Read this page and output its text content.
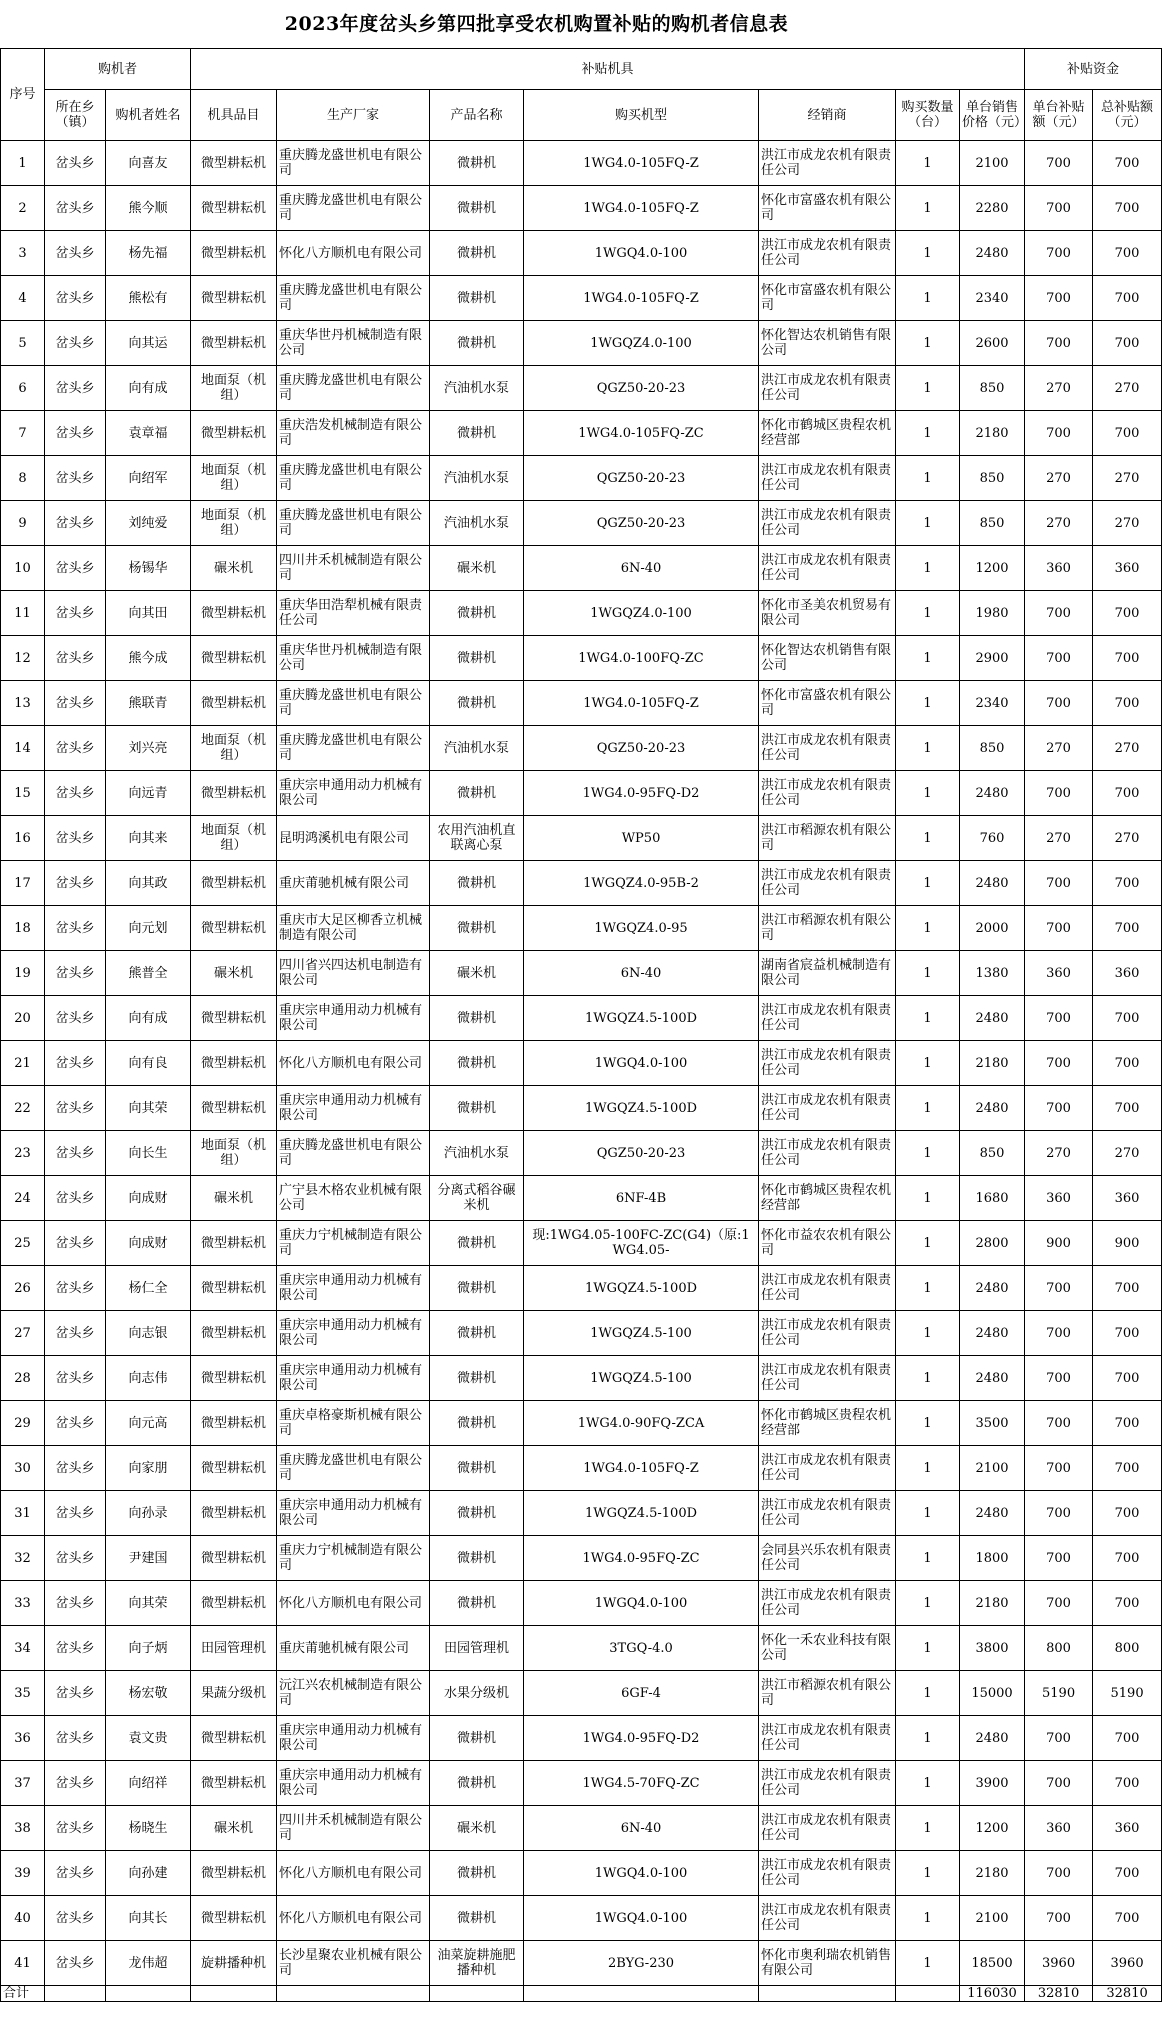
2023年度岔头乡第四批享受农机购置补贴的购机者信息表
序号	购机者		补贴机具							补贴资金	
	所在乡（镇）	购机者姓名	机具品目	生产厂家	产品名称	购买机型	经销商	购买数量（台）	单台销售价格（元）	单台补贴额（元）	总补贴额（元）

1	岔头乡	向喜友	微型耕耘机	重庆腾龙盛世机电有限公司	微耕机	1WG4.0-105FQ-Z	洪江市成龙农机有限责任公司	1	2100	700	700

2	岔头乡	熊今顺	微型耕耘机	重庆腾龙盛世机电有限公司	微耕机	1WG4.0-105FQ-Z	怀化市富盛农机有限公司	1	2280	700	700

3	岔头乡	杨先福	微型耕耘机	怀化八方顺机电有限公司	微耕机	1WGQ4.0-100	洪江市成龙农机有限责任公司	1	2480	700	700

4	岔头乡	熊松有	微型耕耘机	重庆腾龙盛世机电有限公司	微耕机	1WG4.0-105FQ-Z	怀化市富盛农机有限公司	1	2340	700	700

5	岔头乡	向其运	微型耕耘机	重庆华世丹机械制造有限公司	微耕机	1WGQZ4.0-100	怀化智达农机销售有限公司	1	2600	700	700

6	岔头乡	向有成	地面泵（机组）	重庆腾龙盛世机电有限公司	汽油机水泵	QGZ50-20-23	洪江市成龙农机有限责任公司	1	850	270	270

7	岔头乡	袁章福	微型耕耘机	重庆浩发机械制造有限公司	微耕机	1WG4.0-105FQ-ZC	怀化市鹤城区贵程农机经营部	1	2180	700	700

8	岔头乡	向绍军	地面泵（机组）	重庆腾龙盛世机电有限公司	汽油机水泵	QGZ50-20-23	洪江市成龙农机有限责任公司	1	850	270	270

9	岔头乡	刘纯爱	地面泵（机组）	重庆腾龙盛世机电有限公司	汽油机水泵	QGZ50-20-23	洪江市成龙农机有限责任公司	1	850	270	270

10	岔头乡	杨锡华	碾米机	四川井禾机械制造有限公司	碾米机	6N-40	洪江市成龙农机有限责任公司	1	1200	360	360

11	岔头乡	向其田	微型耕耘机	重庆华田浩犁机械有限责任公司	微耕机	1WGQZ4.0-100	怀化市圣美农机贸易有限公司	1	1980	700	700

12	岔头乡	熊今成	微型耕耘机	重庆华世丹机械制造有限公司	微耕机	1WG4.0-100FQ-ZC	怀化智达农机销售有限公司	1	2900	700	700

13	岔头乡	熊联青	微型耕耘机	重庆腾龙盛世机电有限公司	微耕机	1WG4.0-105FQ-Z	怀化市富盛农机有限公司	1	2340	700	700

14	岔头乡	刘兴亮	地面泵（机组）	重庆腾龙盛世机电有限公司	汽油机水泵	QGZ50-20-23	洪江市成龙农机有限责任公司	1	850	270	270

15	岔头乡	向远青	微型耕耘机	重庆宗申通用动力机械有限公司	微耕机	1WG4.0-95FQ-D2	洪江市成龙农机有限责任公司	1	2480	700	700

16	岔头乡	向其来	地面泵（机组）	昆明鸿溪机电有限公司	农用汽油机直联离心泵	WP50	洪江市稻源农机有限公司	1	760	270	270

17	岔头乡	向其政	微型耕耘机	重庆莆驰机械有限公司	微耕机	1WGQZ4.0-95B-2	洪江市成龙农机有限责任公司	1	2480	700	700

18	岔头乡	向元划	微型耕耘机	重庆市大足区柳香立机械制造有限公司	微耕机	1WGQZ4.0-95	洪江市稻源农机有限公司	1	2000	700	700

19	岔头乡	熊普全	碾米机	四川省兴四达机电制造有限公司	碾米机	6N-40	湖南省宸益机械制造有限公司	1	1380	360	360

20	岔头乡	向有成	微型耕耘机	重庆宗申通用动力机械有限公司	微耕机	1WGQZ4.5-100D	洪江市成龙农机有限责任公司	1	2480	700	700

21	岔头乡	向有良	微型耕耘机	怀化八方顺机电有限公司	微耕机	1WGQ4.0-100	洪江市成龙农机有限责任公司	1	2180	700	700

22	岔头乡	向其荣	微型耕耘机	重庆宗申通用动力机械有限公司	微耕机	1WGQZ4.5-100D	洪江市成龙农机有限责任公司	1	2480	700	700

23	岔头乡	向长生	地面泵（机组）	重庆腾龙盛世机电有限公司	汽油机水泵	QGZ50-20-23	洪江市成龙农机有限责任公司	1	850	270	270

24	岔头乡	向成财	碾米机	广宁县木格农业机械有限公司	分离式稻谷碾米机	6NF-4B	怀化市鹤城区贵程农机经营部	1	1680	360	360

25	岔头乡	向成财	微型耕耘机	重庆力宁机械制造有限公司	微耕机	现:1WG4.05-100FC-ZC(G4)（原:1WG4.05-	怀化市益农农机有限公司	1	2800	900	900

26	岔头乡	杨仁全	微型耕耘机	重庆宗申通用动力机械有限公司	微耕机	1WGQZ4.5-100D	洪江市成龙农机有限责任公司	1	2480	700	700

27	岔头乡	向志银	微型耕耘机	重庆宗申通用动力机械有限公司	微耕机	1WGQZ4.5-100	洪江市成龙农机有限责任公司	1	2480	700	700

28	岔头乡	向志伟	微型耕耘机	重庆宗申通用动力机械有限公司	微耕机	1WGQZ4.5-100	洪江市成龙农机有限责任公司	1	2480	700	700

29	岔头乡	向元高	微型耕耘机	重庆卓格豪斯机械有限公司	微耕机	1WG4.0-90FQ-ZCA	怀化市鹤城区贵程农机经营部	1	3500	700	700

30	岔头乡	向家朋	微型耕耘机	重庆腾龙盛世机电有限公司	微耕机	1WG4.0-105FQ-Z	洪江市成龙农机有限责任公司	1	2100	700	700

31	岔头乡	向孙录	微型耕耘机	重庆宗申通用动力机械有限公司	微耕机	1WGQZ4.5-100D	洪江市成龙农机有限责任公司	1	2480	700	700

32	岔头乡	尹建国	微型耕耘机	重庆力宁机械制造有限公司	微耕机	1WG4.0-95FQ-ZC	会同县兴乐农机有限责任公司	1	1800	700	700

33	岔头乡	向其荣	微型耕耘机	怀化八方顺机电有限公司	微耕机	1WGQ4.0-100	洪江市成龙农机有限责任公司	1	2180	700	700

34	岔头乡	向子炳	田园管理机	重庆莆驰机械有限公司	田园管理机	3TGQ-4.0	怀化一禾农业科技有限公司	1	3800	800	800

35	岔头乡	杨宏敬	果蔬分级机	沅江兴农机械制造有限公司	水果分级机	6GF-4	洪江市稻源农机有限公司	1	15000	5190	5190

36	岔头乡	袁文贵	微型耕耘机	重庆宗申通用动力机械有限公司	微耕机	1WG4.0-95FQ-D2	洪江市成龙农机有限责任公司	1	2480	700	700

37	岔头乡	向绍祥	微型耕耘机	重庆宗申通用动力机械有限公司	微耕机	1WG4.5-70FQ-ZC	洪江市成龙农机有限责任公司	1	3900	700	700

38	岔头乡	杨晓生	碾米机	四川井禾机械制造有限公司	碾米机	6N-40	洪江市成龙农机有限责任公司	1	1200	360	360

39	岔头乡	向孙建	微型耕耘机	怀化八方顺机电有限公司	微耕机	1WGQ4.0-100	洪江市成龙农机有限责任公司	1	2180	700	700

40	岔头乡	向其长	微型耕耘机	怀化八方顺机电有限公司	微耕机	1WGQ4.0-100	洪江市成龙农机有限责任公司	1	2100	700	700

41	岔头乡	龙伟超	旋耕播种机	长沙星聚农业机械有限公司	油菜旋耕施肥播种机	2BYG-230	怀化市奥利瑞农机销售有限公司	1	18500	3960	3960

合计									116030	32810	32810
